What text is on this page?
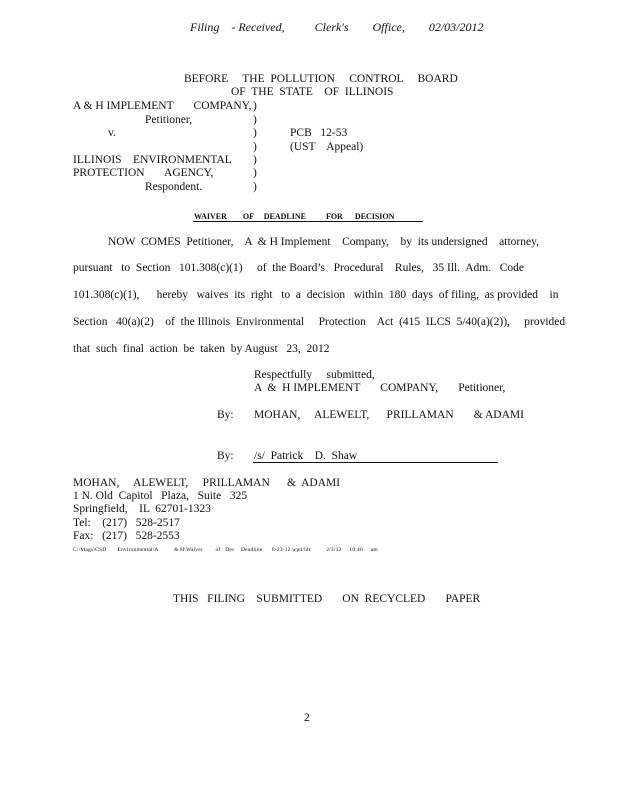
Filing    - Received,          Clerk's        Office,        02/03/2012
BEFORE     THE  POLLUTION     CONTROL     BOARD
OF  THE  STATE    OF  ILLINOIS
A & H IMPLEMENT       COMPANY,
Petitioner,
v.
ILLINOIS    ENVIRONMENTAL
PROTECTION       AGENCY,
Respondent.
)
)
)
)
)
)
)
PCB   12-53
(UST    Appeal)
WAIVER        OF     DEADLINE          FOR      DECISION
NOW  COMES  Petitioner,    A  & H Implement    Company,    by  its undersigned    attorney,
pursuant   to  Section   101.308(c)(1)     of  the Board’s   Procedural    Rules,   35 Ill.  Adm.   Code
101.308(c)(1),      hereby   waives  its  right   to  a  decision   within  180  days  of filing,  as provided    in
Section   40(a)(2)    of  the Illinois  Environmental     Protection    Act  (415  ILCS  5/40(a)(2)),     provided
that  such  final  action  be  taken  by August   23,  2012
Respectfully     submitted,
A  &  H IMPLEMENT       COMPANY,       Petitioner,
By: MOHAN,     ALEWELT,      PRILLAMAN       & ADAMI
By: /s/  Patrick    D.  Shaw
MOHAN,     ALEWELT,     PRILLAMAN      &  ADAMI
1 N. Old  Capitol   Plaza,   Suite   325
Springfield,    IL  62701-1323
Tel:    (217)   528-2517
Fax:   (217)   528-2553
C:\Mags\CSD       Environmental\A          & H\Waiver        of   Dec    Deadline      8-23-12.wpd/ldt          2/3/12     10:46     am
THIS   FILING    SUBMITTED       ON  RECYCLED       PAPER
2
